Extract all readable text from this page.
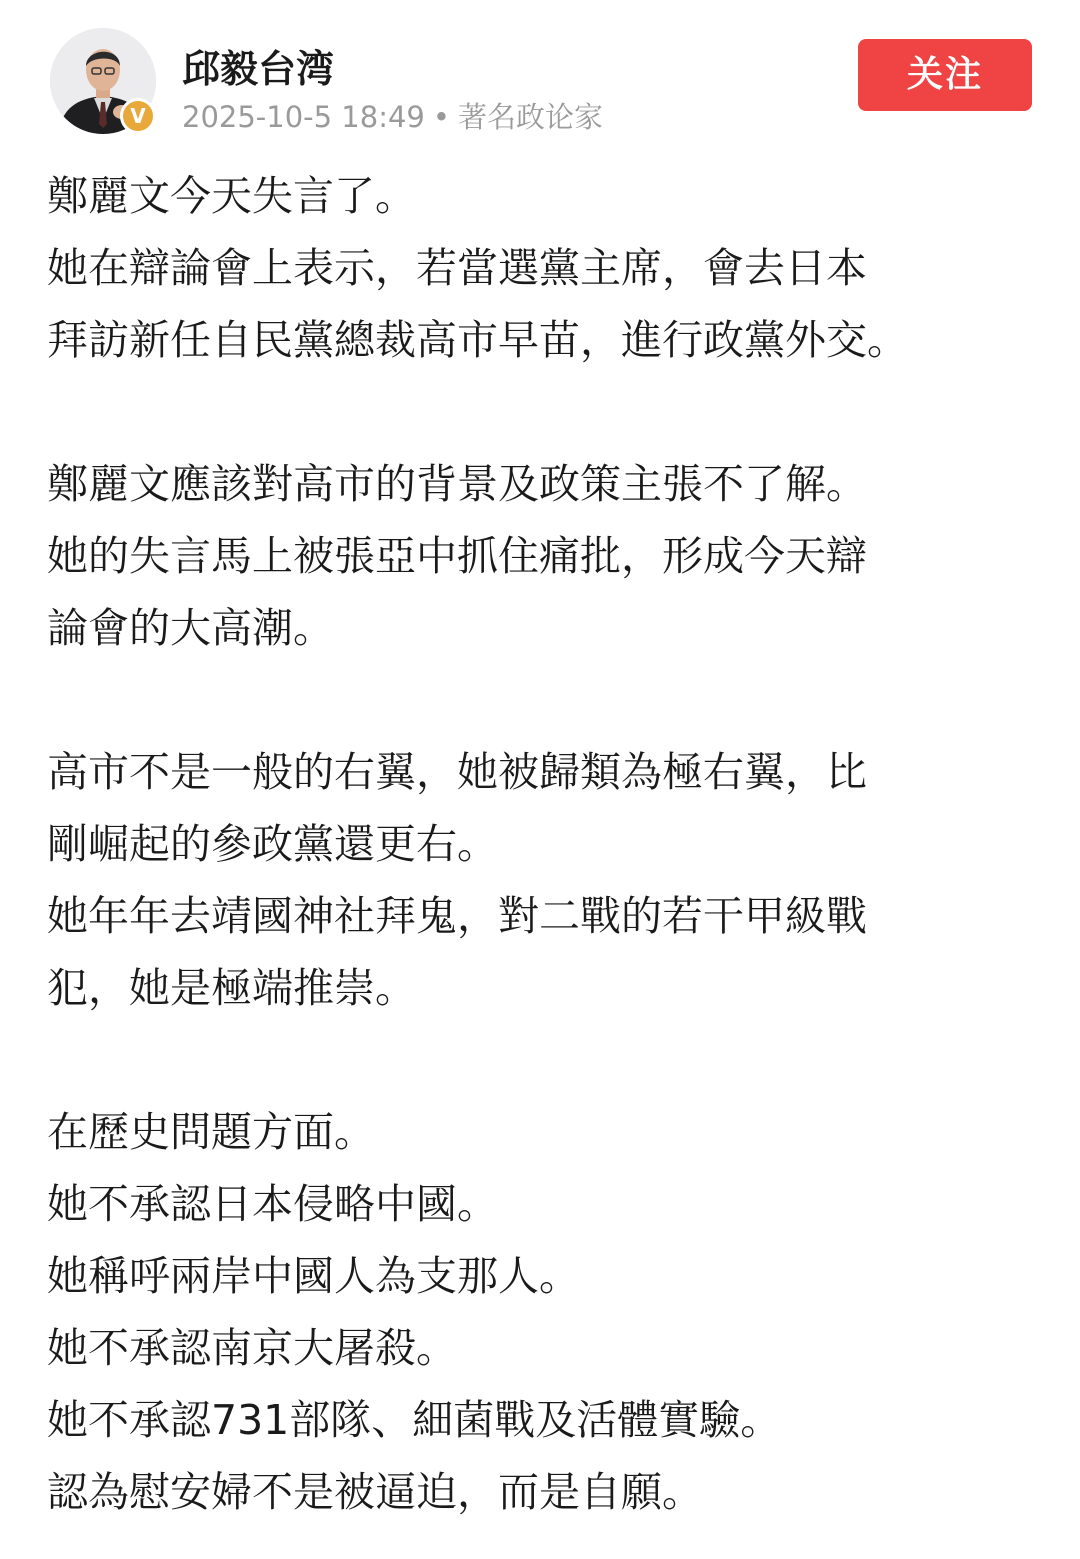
V
邱毅台湾
2025-10-5 18:49 • 著名政论家
关注
鄭麗文今天失言了。
她在辯論會上表示，若當選黨主席，會去日本
拜訪新任自民黨總裁高市早苗，進行政黨外交。
鄭麗文應該對高市的背景及政策主張不了解。
她的失言馬上被張亞中抓住痛批，形成今天辯
論會的大高潮。
高市不是一般的右翼，她被歸類為極右翼，比
剛崛起的參政黨還更右。
她年年去靖國神社拜鬼，對二戰的若干甲級戰
犯，她是極端推崇。
在歷史問題方面。
她不承認日本侵略中國。
她稱呼兩岸中國人為支那人。
她不承認南京大屠殺。
她不承認731部隊、細菌戰及活體實驗。
認為慰安婦不是被逼迫，而是自願。
